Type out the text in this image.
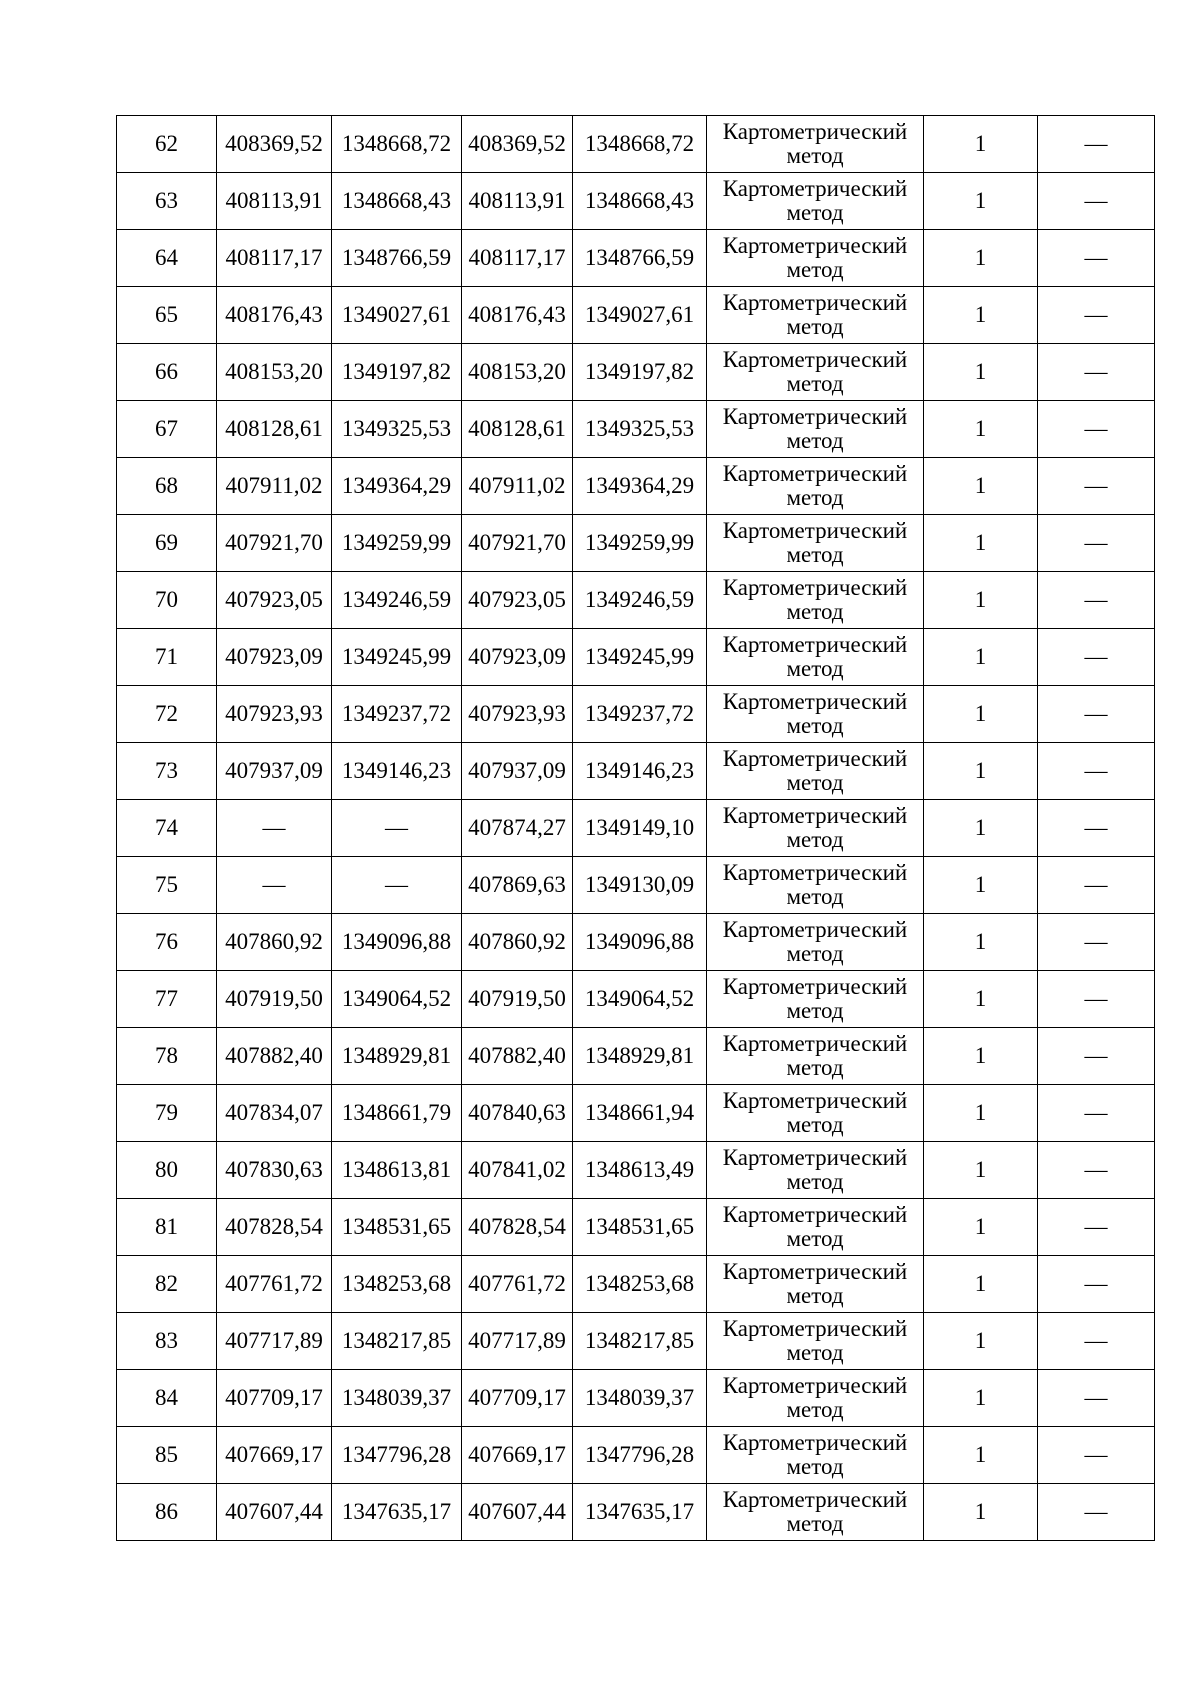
62	408369,52	1348668,72	408369,52	1348668,72	Картометрический
метод	1	—
63	408113,91	1348668,43	408113,91	1348668,43	Картометрический
метод	1	—
64	408117,17	1348766,59	408117,17	1348766,59	Картометрический
метод	1	—
65	408176,43	1349027,61	408176,43	1349027,61	Картометрический
метод	1	—
66	408153,20	1349197,82	408153,20	1349197,82	Картометрический
метод	1	—
67	408128,61	1349325,53	408128,61	1349325,53	Картометрический
метод	1	—
68	407911,02	1349364,29	407911,02	1349364,29	Картометрический
метод	1	—
69	407921,70	1349259,99	407921,70	1349259,99	Картометрический
метод	1	—
70	407923,05	1349246,59	407923,05	1349246,59	Картометрический
метод	1	—
71	407923,09	1349245,99	407923,09	1349245,99	Картометрический
метод	1	—
72	407923,93	1349237,72	407923,93	1349237,72	Картометрический
метод	1	—
73	407937,09	1349146,23	407937,09	1349146,23	Картометрический
метод	1	—
74	—	—	407874,27	1349149,10	Картометрический
метод	1	—
75	—	—	407869,63	1349130,09	Картометрический
метод	1	—
76	407860,92	1349096,88	407860,92	1349096,88	Картометрический
метод	1	—
77	407919,50	1349064,52	407919,50	1349064,52	Картометрический
метод	1	—
78	407882,40	1348929,81	407882,40	1348929,81	Картометрический
метод	1	—
79	407834,07	1348661,79	407840,63	1348661,94	Картометрический
метод	1	—
80	407830,63	1348613,81	407841,02	1348613,49	Картометрический
метод	1	—
81	407828,54	1348531,65	407828,54	1348531,65	Картометрический
метод	1	—
82	407761,72	1348253,68	407761,72	1348253,68	Картометрический
метод	1	—
83	407717,89	1348217,85	407717,89	1348217,85	Картометрический
метод	1	—
84	407709,17	1348039,37	407709,17	1348039,37	Картометрический
метод	1	—
85	407669,17	1347796,28	407669,17	1347796,28	Картометрический
метод	1	—
86	407607,44	1347635,17	407607,44	1347635,17	Картометрический
метод	1	—
